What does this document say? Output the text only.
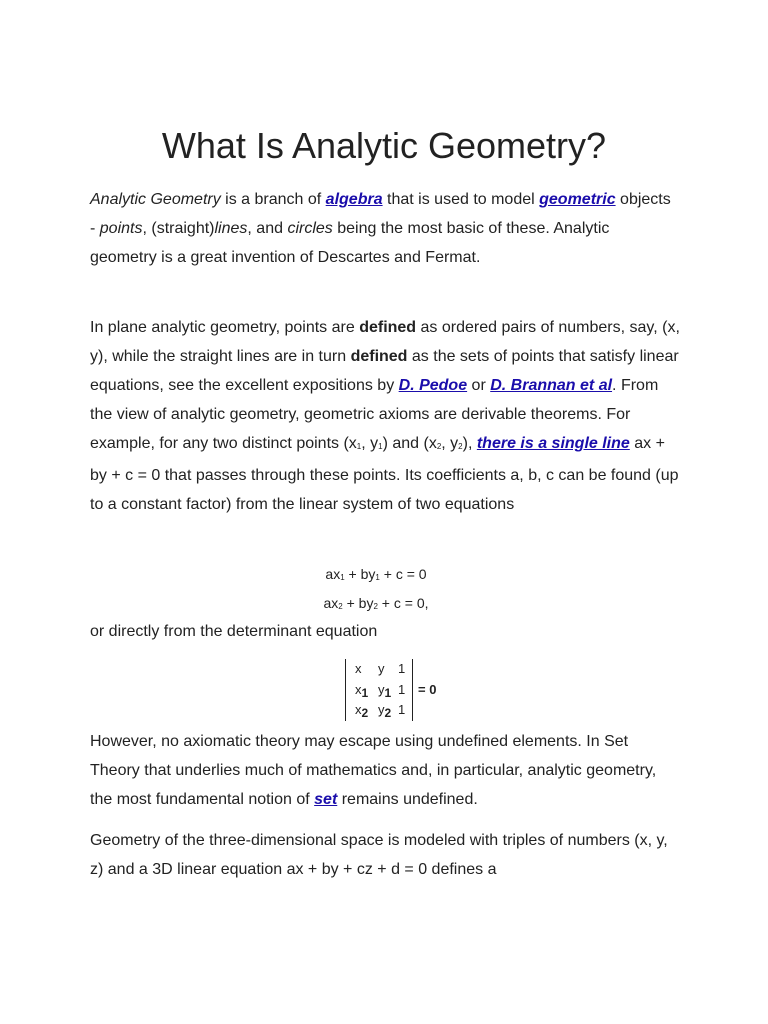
What Is Analytic Geometry?

Analytic Geometry is a branch of algebra that is used to model geometric objects - points, (straight)lines, and circles being the most basic of these. Analytic geometry is a great invention of Descartes and Fermat.

In plane analytic geometry, points are defined as ordered pairs of numbers, say, (x, y), while the straight lines are in turn defined as the sets of points that satisfy linear equations, see the excellent expositions by D. Pedoe or D. Brannan et al. From the view of analytic geometry, geometric axioms are derivable theorems. For example, for any two distinct points ($x_1$, $y_1$) and ($x_2$, $y_2$), there is a single line ax + by + c = 0 that passes through these points. Its coefficients a, b, c can be found (up to a constant factor) from the linear system of two equations

$ax_1 + by_1 + c = 0$
$ax_2 + by_2 + c = 0$,

or directly from the determinant equation

x y 1
$x_1$ $y_1$ 1
$x_2$ $y_2$ 1
= 0

However, no axiomatic theory may escape using undefined elements. In Set Theory that underlies much of mathematics and, in particular, analytic geometry, the most fundamental notion of set remains undefined.

Geometry of the three-dimensional space is modeled with triples of numbers (x, y, z) and a 3D linear equation ax + by + cz + d = 0 defines a
